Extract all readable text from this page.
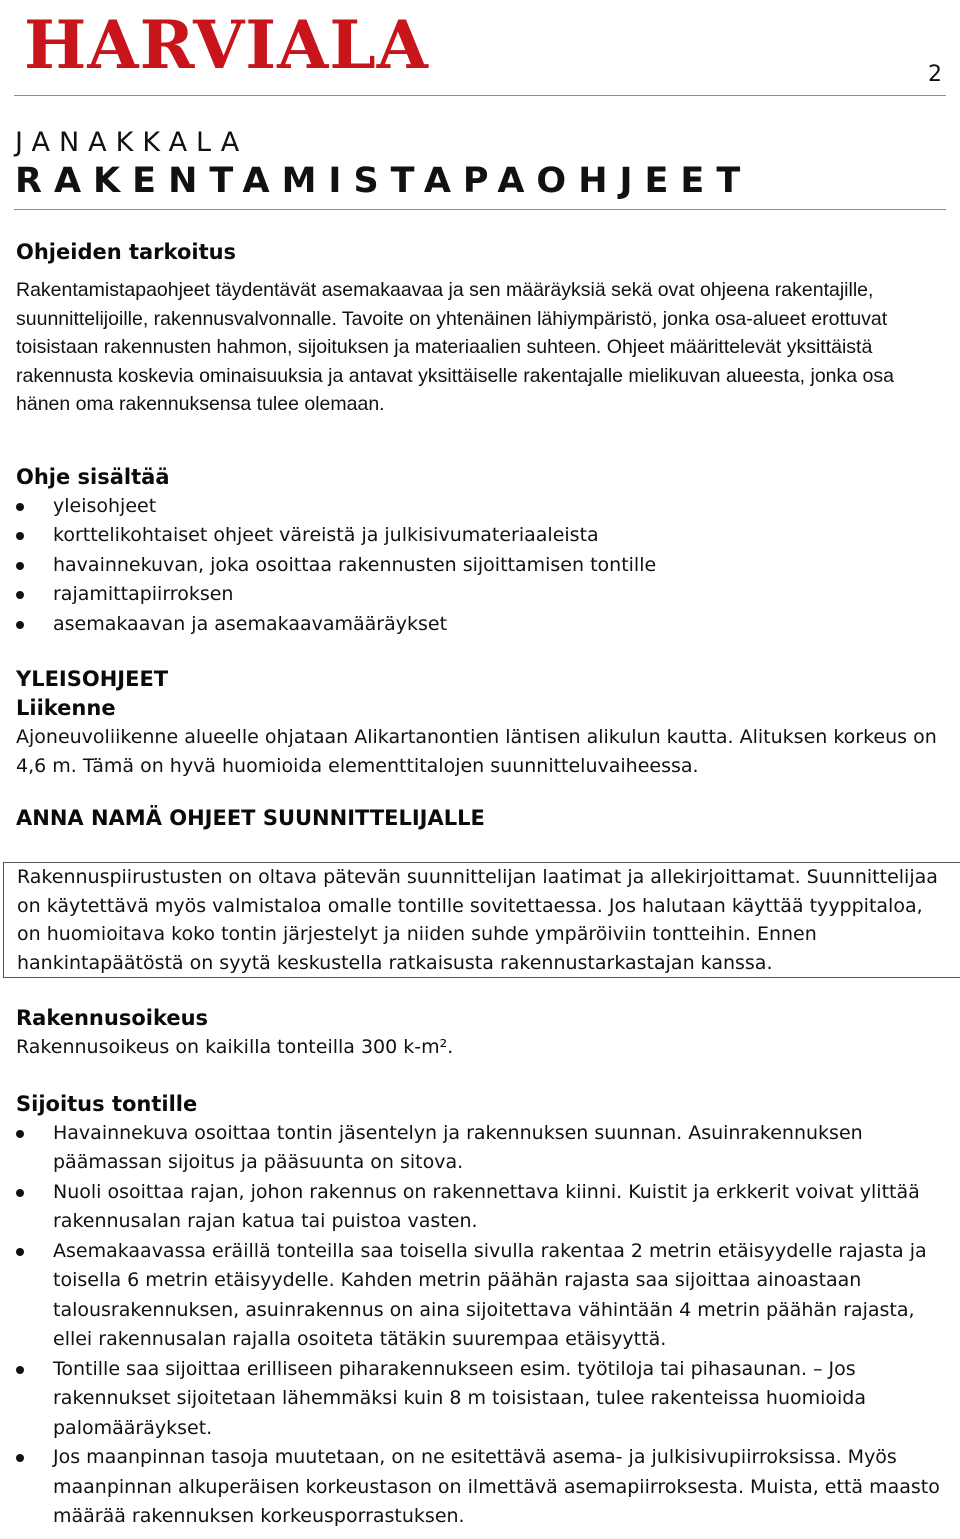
HARVIALA	2
JANAKKALA
RAKENTAMISTAPAOHJEET
Ohjeiden tarkoitus

Rakentamistapaohjeet täydentävät asemakaavaa ja sen määräyksiä sekä ovat ohjeena rakentajille, suunnittelijoille, rakennusvalvonnalle. Tavoite on yhtenäinen lähiympäristö, jonka osa-alueet erottuvat toisistaan rakennusten hahmon, sijoituksen ja materiaalien suhteen. Ohjeet määrittelevät yksittäistä rakennusta koskevia ominaisuuksia ja antavat yksittäiselle rakentajalle mielikuvan alueesta, jonka osa hänen oma rakennuksensa tulee olemaan.

Ohje sisältää
yleisohjeet
korttelikohtaiset ohjeet väreistä ja julkisivumateriaaleista
havainnekuvan, joka osoittaa rakennusten sijoittamisen tontille
rajamittapiirroksen
asemakaavan ja asemakaavamääräykset
YLEISOHJEET
Liikenne

Ajoneuvoliikenne alueelle ohjataan Alikartanontien läntisen alikulun kautta. Alituksen korkeus on 4,6 m. Tämä on hyvä huomioida elementtitalojen suunnitteluvaiheessa.

ANNA NAMÄ OHJEET SUUNNITTELIJALLE

Rakennuspiirustusten on oltava pätevän suunnittelijan laatimat ja allekirjoittamat. Suunnittelijaa on käytettävä myös valmistaloa omalle tontille sovitettaessa. Jos halutaan käyttää tyyppitaloa, on huomioitava koko tontin järjestelyt ja niiden suhde ympäröiviin tontteihin. Ennen hankintapäätöstä on syytä keskustella ratkaisusta rakennustarkastajan kanssa.

Rakennusoikeus

Rakennusoikeus on kaikilla tonteilla 300 k-m².

Sijoitus tontille
Havainnekuva osoittaa tontin jäsentelyn ja rakennuksen suunnan. Asuinrakennuksen päämassan sijoitus ja pääsuunta on sitova.
Nuoli osoittaa rajan, johon rakennus on rakennettava kiinni. Kuistit ja erkkerit voivat ylittää rakennusalan rajan katua tai puistoa vasten.
Asemakaavassa eräillä tonteilla saa toisella sivulla rakentaa 2 metrin etäisyydelle rajasta ja toisella 6 metrin etäisyydelle. Kahden metrin päähän rajasta saa sijoittaa ainoastaan talousrakennuksen, asuinrakennus on aina sijoitettava vähintään 4 metrin päähän rajasta, ellei rakennusalan rajalla osoiteta tätäkin suurempaa etäisyyttä.
Tontille saa sijoittaa erilliseen piharakennukseen esim. työtiloja tai pihasaunan. – Jos rakennukset sijoitetaan lähemmäksi kuin 8 m toisistaan, tulee rakenteissa huomioida palomääräykset.
Jos maanpinnan tasoja muutetaan, on ne esitettävä asema- ja julkisivupiirroksissa. Myös maanpinnan alkuperäisen korkeustason on ilmettävä asemapiirroksesta. Muista, että maasto määrää rakennuksen korkeusporrastuksen.
